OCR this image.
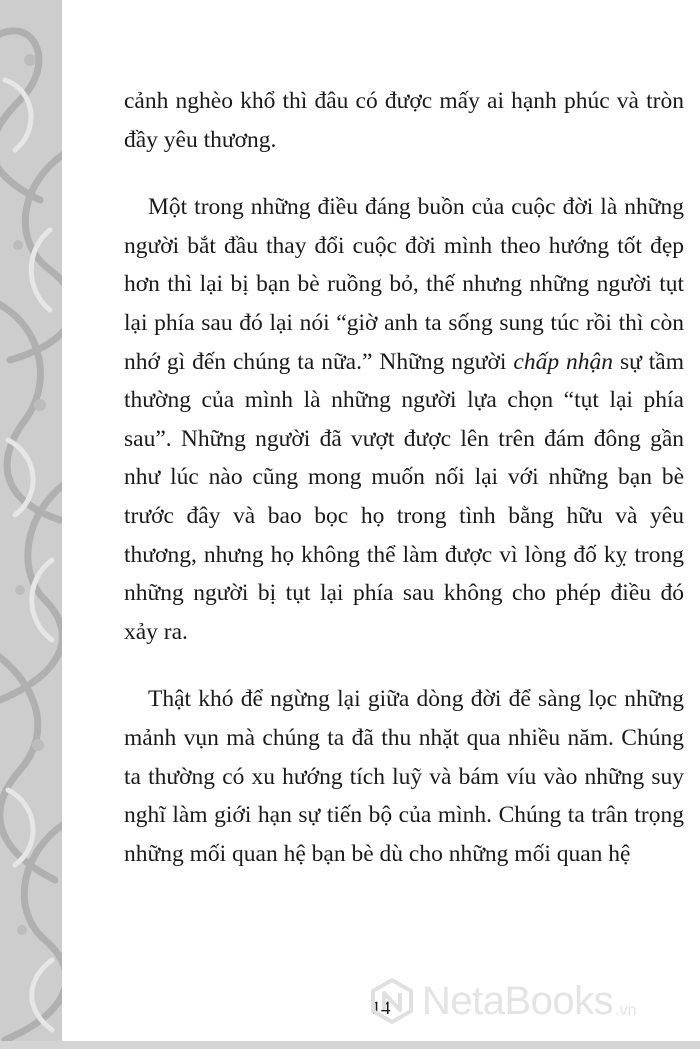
cảnh nghèo khổ thì đâu có được mấy ai hạnh phúc và tròn đầy yêu thương.

Một trong những điều đáng buồn của cuộc đời là những người bắt đầu thay đổi cuộc đời mình theo hướng tốt đẹp hơn thì lại bị bạn bè ruồng bỏ, thế nhưng những người tụt lại phía sau đó lại nói “giờ anh ta sống sung túc rồi thì còn nhớ gì đến chúng ta nữa.” Những người chấp nhận sự tầm thường của mình là những người lựa chọn “tụt lại phía sau”. Những người đã vượt được lên trên đám đông gần như lúc nào cũng mong muốn nối lại với những bạn bè trước đây và bao bọc họ trong tình bằng hữu và yêu thương, nhưng họ không thể làm được vì lòng đố kỵ trong những người bị tụt lại phía sau không cho phép điều đó xảy ra.

Thật khó để ngừng lại giữa dòng đời để sàng lọc những mảnh vụn mà chúng ta đã thu nhặt qua nhiều năm. Chúng ta thường có xu hướng tích luỹ và bám víu vào những suy nghĩ làm giới hạn sự tiến bộ của mình. Chúng ta trân trọng những mối quan hệ bạn bè dù cho những mối quan hệ

14 NetaBooks .vn
